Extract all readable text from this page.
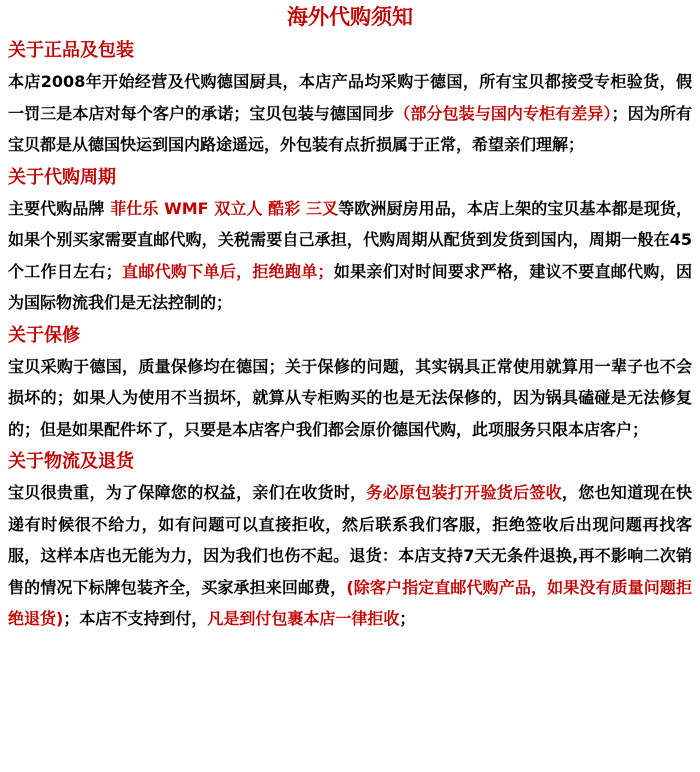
海外代购须知
关于正品及包装

本店2008年开始经营及代购德国厨具，本店产品均采购于德国，所有宝贝都接受专柜验货，假一罚三是本店对每个客户的承诺；宝贝包装与德国同步（部分包装与国内专柜有差异）；因为所有宝贝都是从德国快运到国内路途遥远，外包装有点折损属于正常，希望亲们理解；

关于代购周期

主要代购品牌 菲仕乐 WMF 双立人 酷彩 三叉等欧洲厨房用品，本店上架的宝贝基本都是现货，如果个别买家需要直邮代购，关税需要自己承担，代购周期从配货到发货到国内，周期一般在45个工作日左右；直邮代购下单后，拒绝跑单；如果亲们对时间要求严格，建议不要直邮代购，因为国际物流我们是无法控制的；

关于保修

宝贝采购于德国，质量保修均在德国；关于保修的问题，其实锅具正常使用就算用一辈子也不会损坏的；如果人为使用不当损坏，就算从专柜购买的也是无法保修的，因为锅具磕碰是无法修复的；但是如果配件坏了，只要是本店客户我们都会原价德国代购，此项服务只限本店客户；

关于物流及退货

宝贝很贵重，为了保障您的权益，亲们在收货时，务必原包装打开验货后签收，您也知道现在快递有时候很不给力，如有问题可以直接拒收，然后联系我们客服，拒绝签收后出现问题再找客服，这样本店也无能为力，因为我们也伤不起。退货：本店支持7天无条件退换,再不影响二次销售的情况下标牌包装齐全，买家承担来回邮费，(除客户指定直邮代购产品，如果没有质量问题拒绝退货)；本店不支持到付，凡是到付包裹本店一律拒收；
